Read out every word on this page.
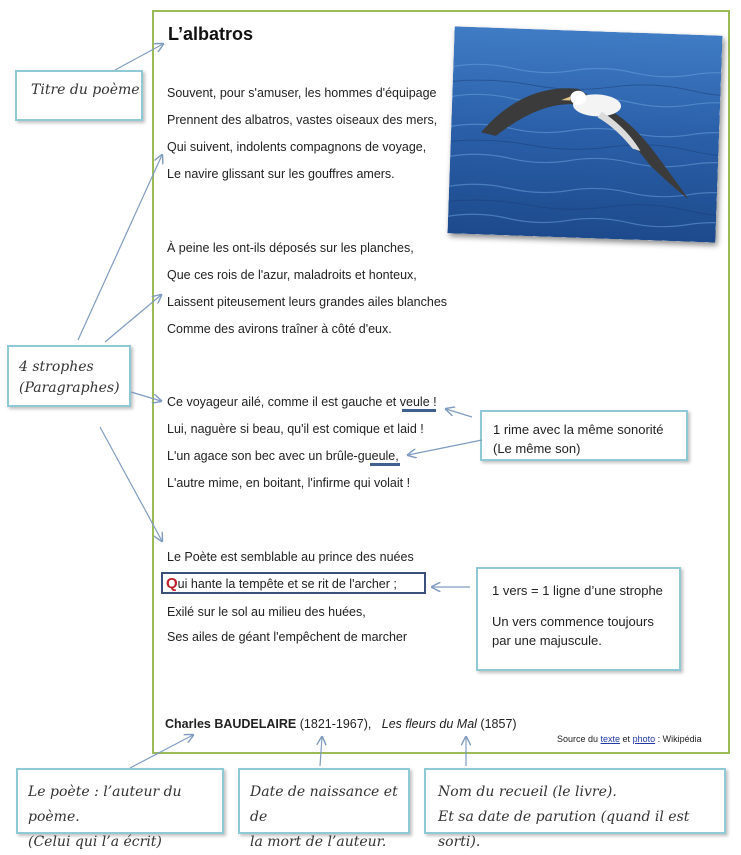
L’albatros
Souvent, pour s'amuser, les hommes d'équipage
Prennent des albatros, vastes oiseaux des mers,
Qui suivent, indolents compagnons de voyage,
Le navire glissant sur les gouffres amers.
À peine les ont-ils déposés sur les planches,
Que ces rois de l'azur, maladroits et honteux,
Laissent piteusement leurs grandes ailes blanches
Comme des avirons traîner à côté d'eux.
Ce voyageur ailé, comme il est gauche et veule !
Lui, naguère si beau, qu'il est comique et laid !
L'un agace son bec avec un brûle-gueule,
L'autre mime, en boitant, l'infirme qui volait !
Le Poète est semblable au prince des nuées
Qui hante la tempête et se rit de l'archer ;
Exilé sur le sol au milieu des huées,
Ses ailes de géant l'empêchent de marcher
Charles BAUDELAIRE (1821-1967), Les fleurs du Mal (1857)
Source du texte et photo : Wikipédia
Titre du poème
4 strophes
(Paragraphes)
1 rime avec la même sonorité
(Le même son)
1 vers = 1 ligne d’une strophe
Un vers commence toujours
par une majuscule.
Le poète : l’auteur du poème.
(Celui qui l’a écrit)
Date de naissance et de
la mort de l’auteur.
Nom du recueil (le livre).
Et sa date de parution (quand il est sorti).
